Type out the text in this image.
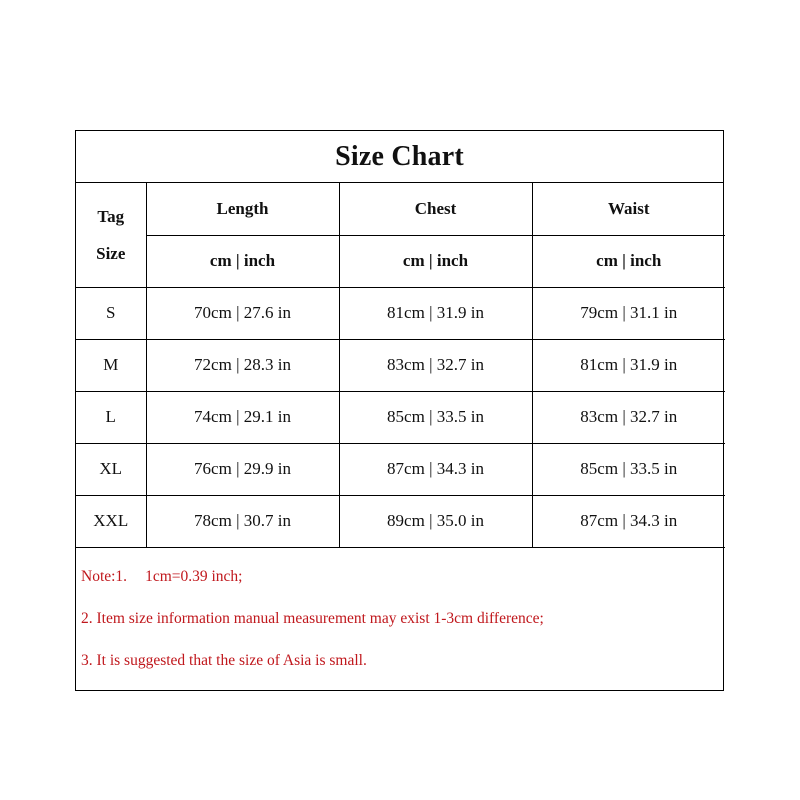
Size Chart
Tag
Size	Length	Chest	Waist
	cm | inch	cm | inch	cm | inch
S	70cm | 27.6 in	81cm | 31.9 in	79cm | 31.1 in
M	72cm | 28.3 in	83cm | 32.7 in	81cm | 31.9 in
L	74cm | 29.1 in	85cm | 33.5 in	83cm | 32.7 in
XL	76cm | 29.9 in	87cm | 34.3 in	85cm | 33.5 in
XXL	78cm | 30.7 in	89cm | 35.0 in	87cm | 34.3 in
Note:1. 1cm=0.39 inch;
2. Item size information manual measurement may exist 1-3cm difference;
3. It is suggested that the size of Asia is small.
